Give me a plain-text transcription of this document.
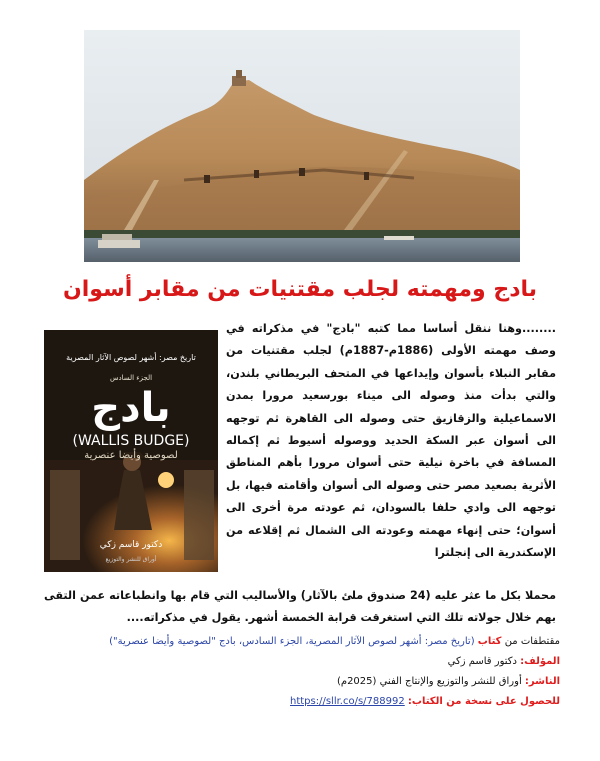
بادج ومهمته لجلب مقتنيات من مقابر أسوان
تاريخ مصر: أشهر لصوص الآثار المصرية
الجزء السادس
بادج
(WALLIS BUDGE)
لصوصية وأيضا عنصرية
دكتور قاسم زكي
أوراق للنشر والتوزيع
........وهنا ننقل أساسا مما كتبه "بادج" في مذكراته في وصف مهمته الأولى (1886م-1887م) لجلب مقتنيات من مقابر النبلاء بأسوان وإيداعها في المتحف البريطاني بلندن، والتي بدأت منذ وصوله الى ميناء بورسعيد مرورا بمدن الاسماعيلية والزقازيق حتى وصوله الى القاهرة ثم توجهه الى أسوان عبر السكة الحديد ووصوله أسيوط ثم إكماله المسافة في باخرة نيلية حتى أسوان مرورا بأهم المناطق الأثرية بصعيد مصر حتى وصوله الى أسوان وأقامته فيها، بل توجهه الى وادي حلفا بالسودان، ثم عودته مرة أخرى الى أسوان؛ حتى إنهاء مهمته وعودته الى الشمال ثم إقلاعه من الإسكندرية الى إنجلترا
محملا بكل ما عثر عليه (24 صندوق ملئ بالآثار) والأساليب التي قام بها وانطباعاته عمن التقى بهم خلال جولاته تلك التي استغرقت قرابة الخمسة أشهر. يقول في مذكراته....
مقتطفات من كتاب (تاريخ مصر: أشهر لصوص الآثار المصرية، الجزء السادس، بادج "لصوصية وأيضا عنصرية")
المؤلف: دكتور قاسم زكي
الناشر: أوراق للنشر والتوزيع والإنتاج الفني (2025م)
للحصول على نسخة من الكتاب: https://sllr.co/s/788992
